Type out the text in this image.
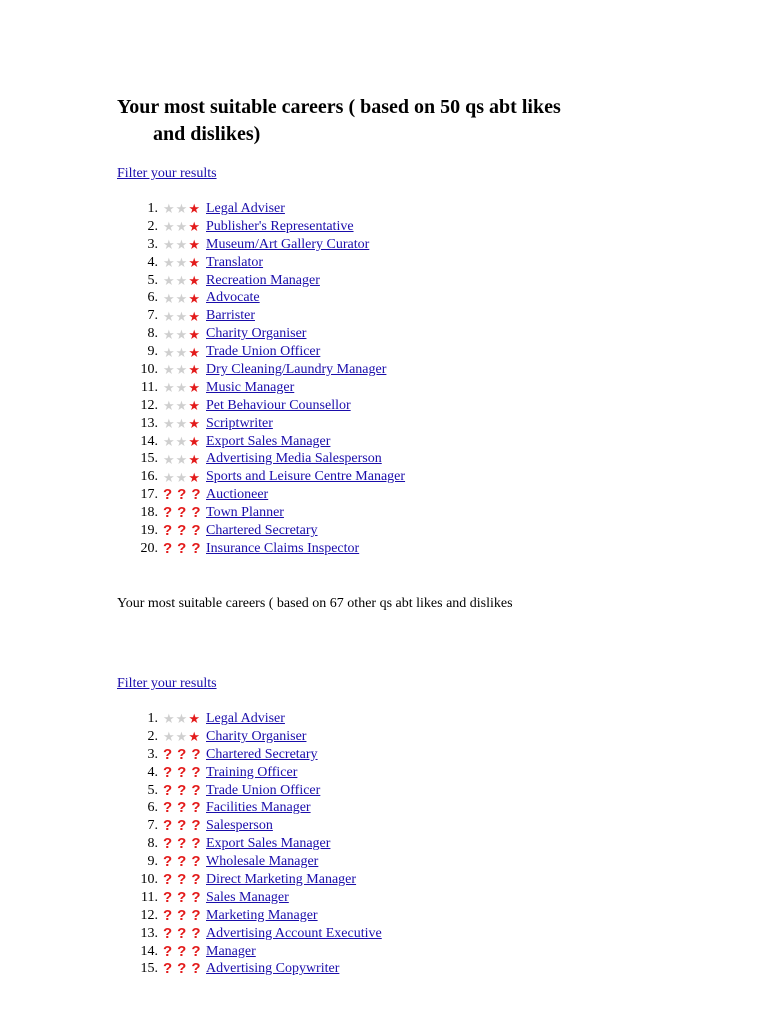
Your most suitable careers ( based on 50 qs abt likes
and dislikes)
Filter your results
1. ★ ★ ★ Legal Adviser
2. ★ ★ ★ Publisher's Representative
3. ★ ★ ★ Museum/Art Gallery Curator
4. ★ ★ ★ Translator
5. ★ ★ ★ Recreation Manager
6. ★ ★ ★ Advocate
7. ★ ★ ★ Barrister
8. ★ ★ ★ Charity Organiser
9. ★ ★ ★ Trade Union Officer
10. ★ ★ ★ Dry Cleaning/Laundry Manager
11. ★ ★ ★ Music Manager
12. ★ ★ ★ Pet Behaviour Counsellor
13. ★ ★ ★ Scriptwriter
14. ★ ★ ★ Export Sales Manager
15. ★ ★ ★ Advertising Media Salesperson
16. ★ ★ ★ Sports and Leisure Centre Manager
17. ? ? ? Auctioneer
18. ? ? ? Town Planner
19. ? ? ? Chartered Secretary
20. ? ? ? Insurance Claims Inspector
Your most suitable careers ( based on 67 other qs abt likes and dislikes
Filter your results
1. ★ ★ ★ Legal Adviser
2. ★ ★ ★ Charity Organiser
3. ? ? ? Chartered Secretary
4. ? ? ? Training Officer
5. ? ? ? Trade Union Officer
6. ? ? ? Facilities Manager
7. ? ? ? Salesperson
8. ? ? ? Export Sales Manager
9. ? ? ? Wholesale Manager
10. ? ? ? Direct Marketing Manager
11. ? ? ? Sales Manager
12. ? ? ? Marketing Manager
13. ? ? ? Advertising Account Executive
14. ? ? ? Manager
15. ? ? ? Advertising Copywriter
